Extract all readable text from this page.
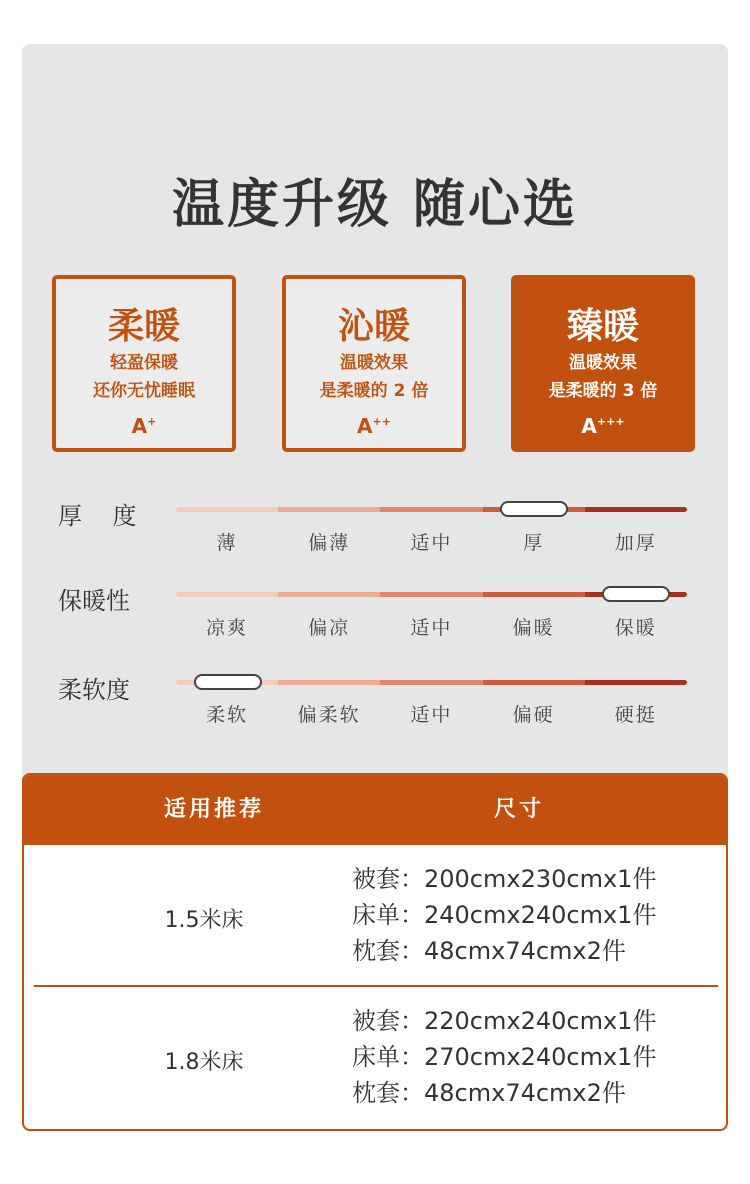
温度升级 随心选
柔暖
轻盈保暖
还你无忧睡眠
A+
沁暖
温暖效果
是柔暖的 2 倍
A++
臻暖
温暖效果
是柔暖的 3 倍
A+++
厚    度
薄	偏薄	适中	厚	加厚
保暖性
凉爽	偏凉	适中	偏暖	保暖
柔软度
柔软	偏柔软	适中	偏硬	硬挺
适用推荐	尺寸
1.5米床
被套：200cmx230cmx1件
床单：240cmx240cmx1件
枕套：48cmx74cmx2件
1.8米床
被套：220cmx240cmx1件
床单：270cmx240cmx1件
枕套：48cmx74cmx2件
